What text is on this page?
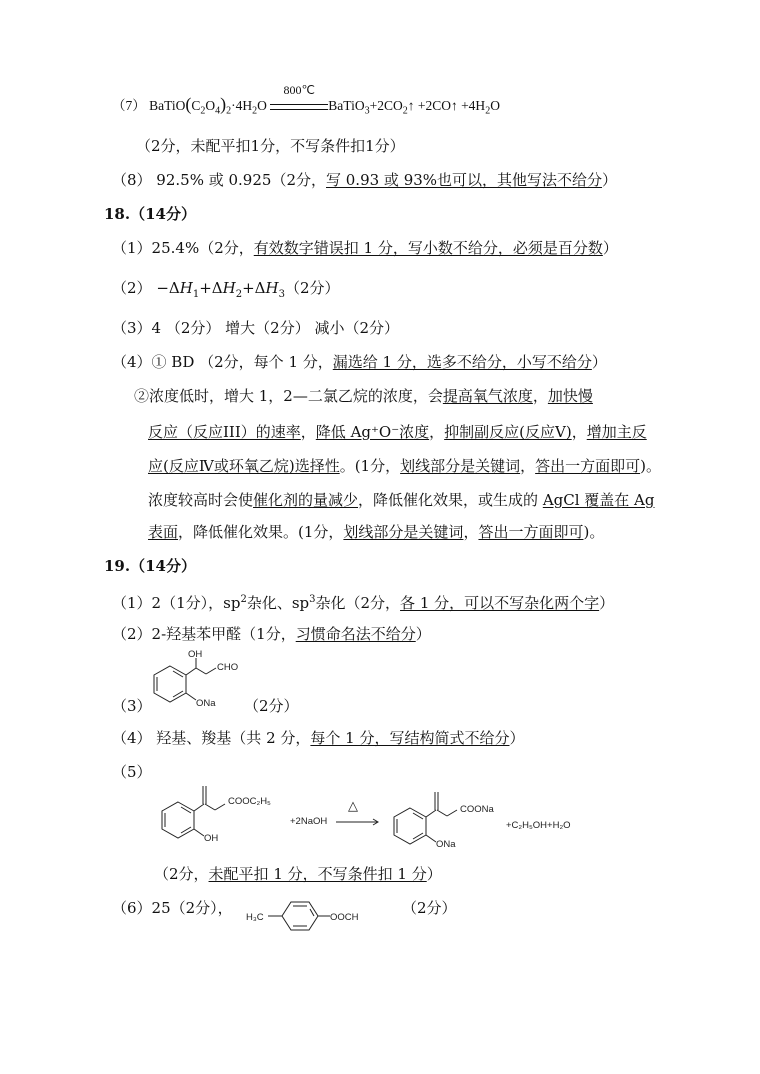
（7） $BaTiO(C_2O_4)_2\cdot 4H_2O$
800℃
$BaTiO_3+2CO_2↑$ +2CO↑ $+4H_2O$
（2分，未配平扣1分，不写条件扣1分）
（8） 92.5% 或 0.925（2分，写 0.93 或 93%也可以，其他写法不给分）
18.（14分）
（1）25.4%（2分，有效数字错误扣 1 分，写小数不给分，必须是百分数）
$(2) -\Delta H_1+\Delta H_2+\Delta H_3(2$分）
（3）4 （2分） 增大（2分） 减小（2分）
（4）① BD （2分，每个 1 分，漏选给 1 分，选多不给分，小写不给分）
②浓度低时，增大 1，2—二氯乙烷的浓度，会提高氧气浓度，加快慢
反应（反应III）的速率，降低 Ag⁺O⁻浓度，抑制副反应(反应Ⅴ)，增加主反
应(反应Ⅳ或环氧乙烷)选择性。(1分，划线部分是关键词，答出一方面即可)。
浓度较高时会使催化剂的量减少，降低催化效果，或生成的 AgCl 覆盖在 Ag
表面，降低催化效果。(1分，划线部分是关键词，答出一方面即可)。
19.（14分）
（1）2（1分），$sp^2$杂化、$sp^3$杂化（2分，各 1 分，可以不写杂化两个字）
（2）2-羟基苯甲醛（1分，习惯命名法不给分）
（3）	（2分）
OH
CHO
ONa
（4） 羟基、羧基（共 2 分，每个 1 分，写结构简式不给分）
（5）
COOC₂H₅
OH
+2NaOH
△	COONa
ONa
+C₂H₅OH+H₂O
（2分，未配平扣 1 分，不写条件扣 1 分）
（6）25（2分），
H₃C	OOCH
（2分）
